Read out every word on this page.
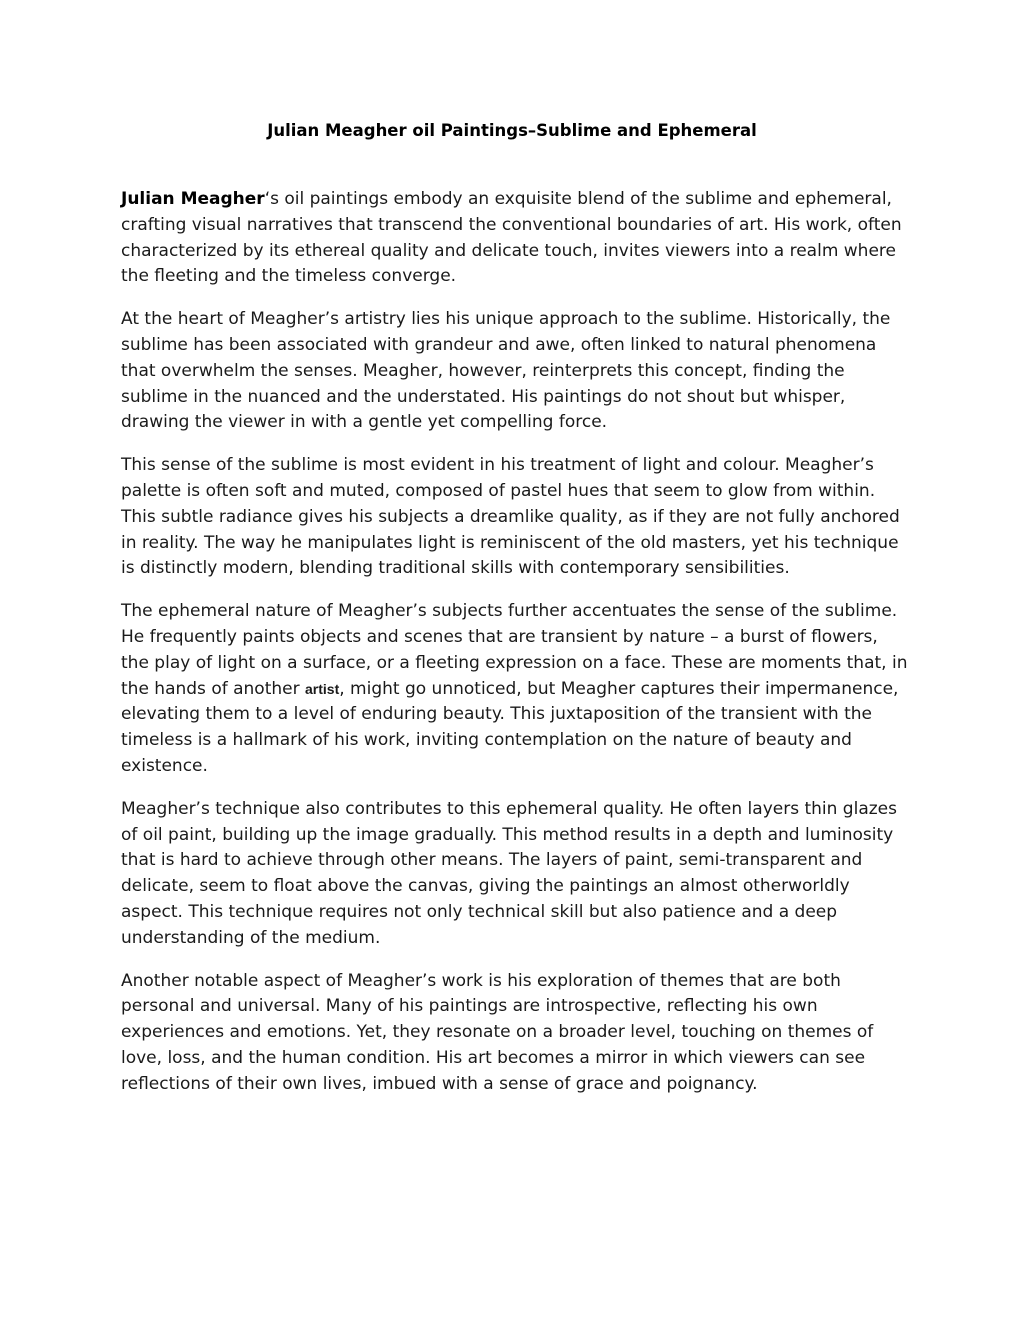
Julian Meagher oil Paintings–Sublime and Ephemeral

Julian Meagher‘s oil paintings embody an exquisite blend of the sublime and ephemeral, crafting visual narratives that transcend the conventional boundaries of art. His work, often characterized by its ethereal quality and delicate touch, invites viewers into a realm where the fleeting and the timeless converge.

At the heart of Meagher’s artistry lies his unique approach to the sublime. Historically, the sublime has been associated with grandeur and awe, often linked to natural phenomena that overwhelm the senses. Meagher, however, reinterprets this concept, finding the sublime in the nuanced and the understated. His paintings do not shout but whisper, drawing the viewer in with a gentle yet compelling force.

This sense of the sublime is most evident in his treatment of light and colour. Meagher’s palette is often soft and muted, composed of pastel hues that seem to glow from within. This subtle radiance gives his subjects a dreamlike quality, as if they are not fully anchored in reality. The way he manipulates light is reminiscent of the old masters, yet his technique is distinctly modern, blending traditional skills with contemporary sensibilities.

The ephemeral nature of Meagher’s subjects further accentuates the sense of the sublime. He frequently paints objects and scenes that are transient by nature – a burst of flowers, the play of light on a surface, or a fleeting expression on a face. These are moments that, in the hands of another artist, might go unnoticed, but Meagher captures their impermanence, elevating them to a level of enduring beauty. This juxtaposition of the transient with the timeless is a hallmark of his work, inviting contemplation on the nature of beauty and existence.

Meagher’s technique also contributes to this ephemeral quality. He often layers thin glazes of oil paint, building up the image gradually. This method results in a depth and luminosity that is hard to achieve through other means. The layers of paint, semi-transparent and delicate, seem to float above the canvas, giving the paintings an almost otherworldly aspect. This technique requires not only technical skill but also patience and a deep understanding of the medium.

Another notable aspect of Meagher’s work is his exploration of themes that are both personal and universal. Many of his paintings are introspective, reflecting his own experiences and emotions. Yet, they resonate on a broader level, touching on themes of love, loss, and the human condition. His art becomes a mirror in which viewers can see reflections of their own lives, imbued with a sense of grace and poignancy.
